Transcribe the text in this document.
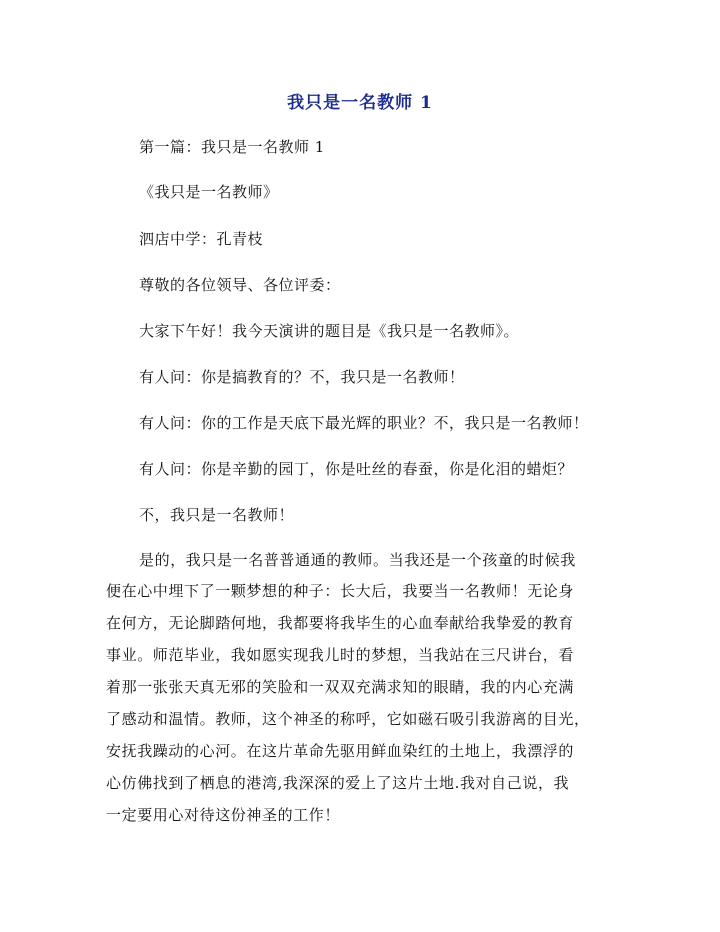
我只是一名教师 1
第一篇：我只是一名教师 1
《我只是一名教师》
泗店中学：孔青枝
尊敬的各位领导、各位评委：
大家下午好！我今天演讲的题目是《我只是一名教师》。
有人问：你是搞教育的？不，我只是一名教师！
有人问：你的工作是天底下最光辉的职业？不，我只是一名教师！
有人问：你是辛勤的园丁，你是吐丝的春蚕，你是化泪的蜡炬？
不，我只是一名教师！
是的，我只是一名普普通通的教师。当我还是一个孩童的时候我
便在心中埋下了一颗梦想的种子：长大后，我要当一名教师！无论身
在何方，无论脚踏何地，我都要将我毕生的心血奉献给我挚爱的教育
事业。师范毕业，我如愿实现我儿时的梦想，当我站在三尺讲台，看
着那一张张天真无邪的笑脸和一双双充满求知的眼睛，我的内心充满
了感动和温情。教师，这个神圣的称呼，它如磁石吸引我游离的目光，
安抚我躁动的心河。在这片革命先驱用鲜血染红的土地上，我漂浮的
心仿佛找到了栖息的港湾,我深深的爱上了这片土地.我对自己说，我
一定要用心对待这份神圣的工作！
